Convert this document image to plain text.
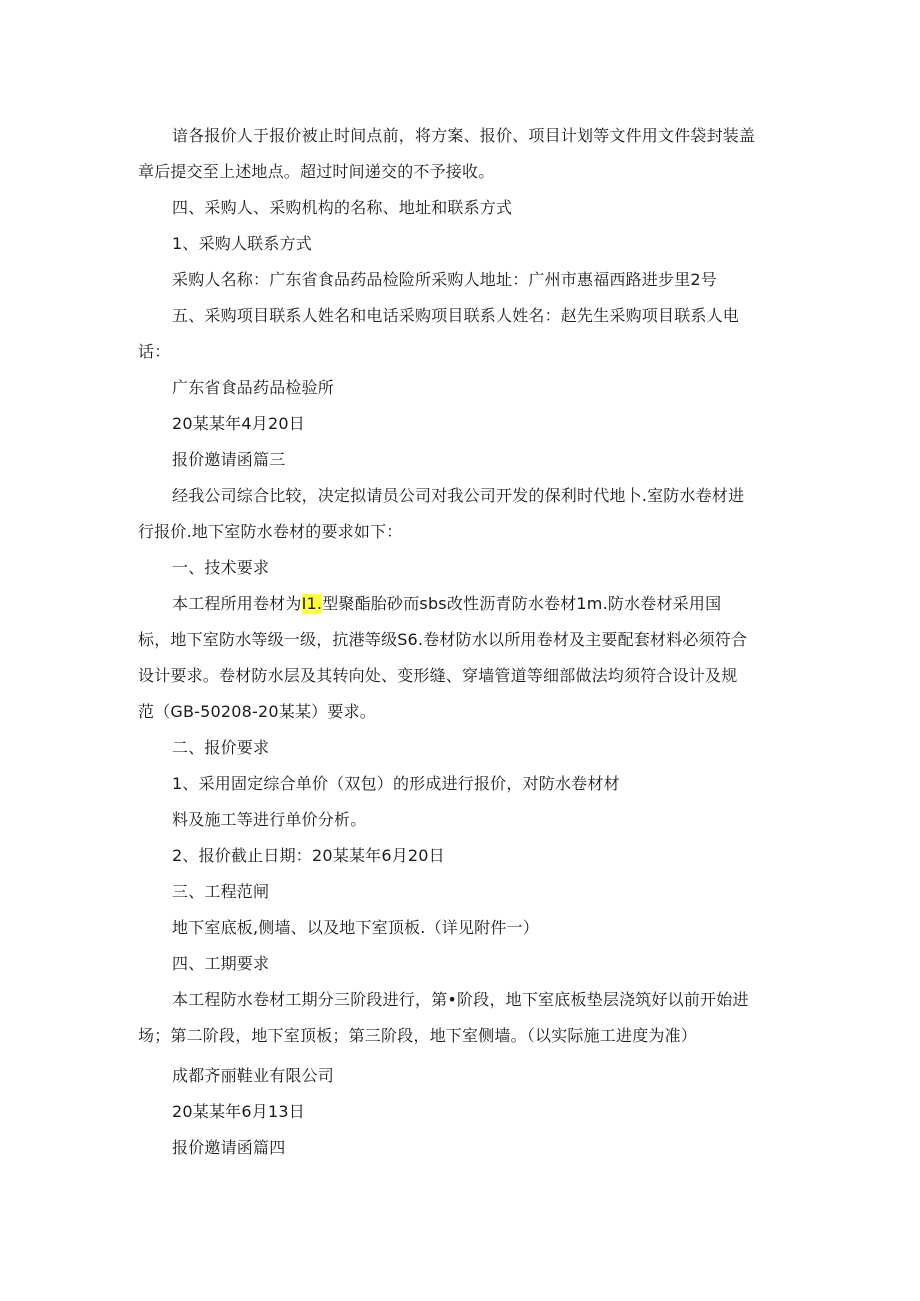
谙各报价人于报价被止时间点前，将方案、报价、项目计划等文件用文件袋封装盖
章后提交至上述地点。超过时间递交的不予接收。
四、采购人、采购机构的名称、地址和联系方式
1、采购人联系方式
采购人名称：广东省食品药品检险所采购人地址：广州市惠福西路进步里2号
五、采购项目联系人姓名和电话采购项目联系人姓名：赵先生采购项目联系人电
话：
广东省食品药品检验所
20某某年4月20日
报价邀请函篇三
经我公司综合比较，决定拟请员公司对我公司开发的保利时代地卜.室防水卷材进
行报价.地下室防水卷材的要求如下：
一、技术要求
本工程所用卷材为I1.型聚酯胎砂而sbs改性沥青防水卷材1m.防水卷材采用国
标，地下室防水等级一级，抗港等级S6.卷材防水以所用卷材及主要配套材料必须符合
设计要求。卷材防水层及其转向处、变形缝、穿墙管道等细部做法均须符合设计及规
范（GB-50208-20某某）要求。
二、报价要求
1、采用固定综合单价（双包）的形成进行报价，对防水卷材材
料及施工等进行单价分析。
2、报价截止日期：20某某年6月20日
三、工程范闸
地下室底板,侧墙、以及地下室顶板.（详见附件一）
四、工期要求
本工程防水卷材工期分三阶段进行，第•阶段，地下室底板垫层浇筑好以前开始进
场；第二阶段，地下室顶板；第三阶段，地下室侧墙。（以实际施工进度为准）
成都齐丽鞋业有限公司
20某某年6月13日
报价邀请函篇四
